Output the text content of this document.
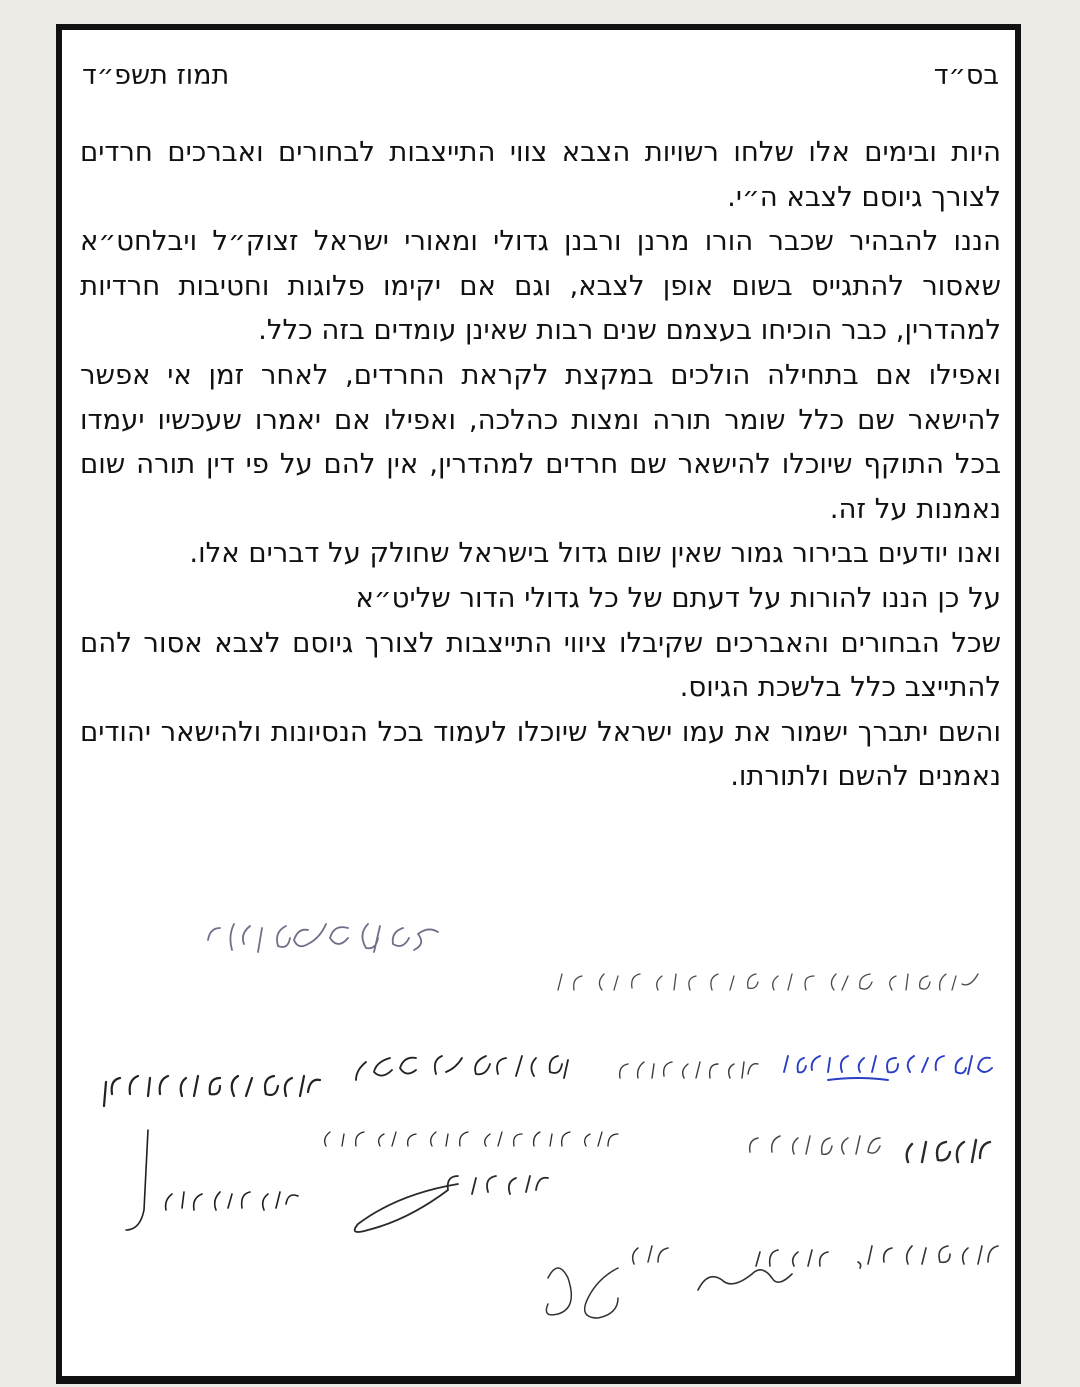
בס״ד
תמוז תשפ״ד

היות ובימים אלו שלחו רשויות הצבא צווי התייצבות לבחורים ואברכים חרדים לצורך גיוסם לצבא ה״י.

הננו להבהיר שכבר הורו מרנן ורבנן גדולי ומאורי ישראל זצוק״ל ויבלחט״א שאסור להתגייס בשום אופן לצבא, וגם אם יקימו פלוגות וחטיבות חרדיות למהדרין, כבר הוכיחו בעצמם שנים רבות שאינן עומדים בזה כלל.

ואפילו אם בתחילה הולכים במקצת לקראת החרדים, לאחר זמן אי אפשר להישאר שם כלל שומר תורה ומצות כהלכה, ואפילו אם יאמרו שעכשיו יעמדו בכל התוקף שיוכלו להישאר שם חרדים למהדרין, אין להם על פי דין תורה שום נאמנות על זה.

ואנו יודעים בבירור גמור שאין שום גדול בישראל שחולק על דברים אלו.

על כן הננו להורות על דעתם של כל גדולי הדור שליט״א

שכל הבחורים והאברכים שקיבלו ציווי התייצבות לצורך גיוסם לצבא אסור להם להתייצב כלל בלשכת הגיוס.

והשם יתברך ישמור את עמו ישראל שיוכלו לעמוד בכל הנסיונות ולהישאר יהודים נאמנים להשם ולתורתו.
